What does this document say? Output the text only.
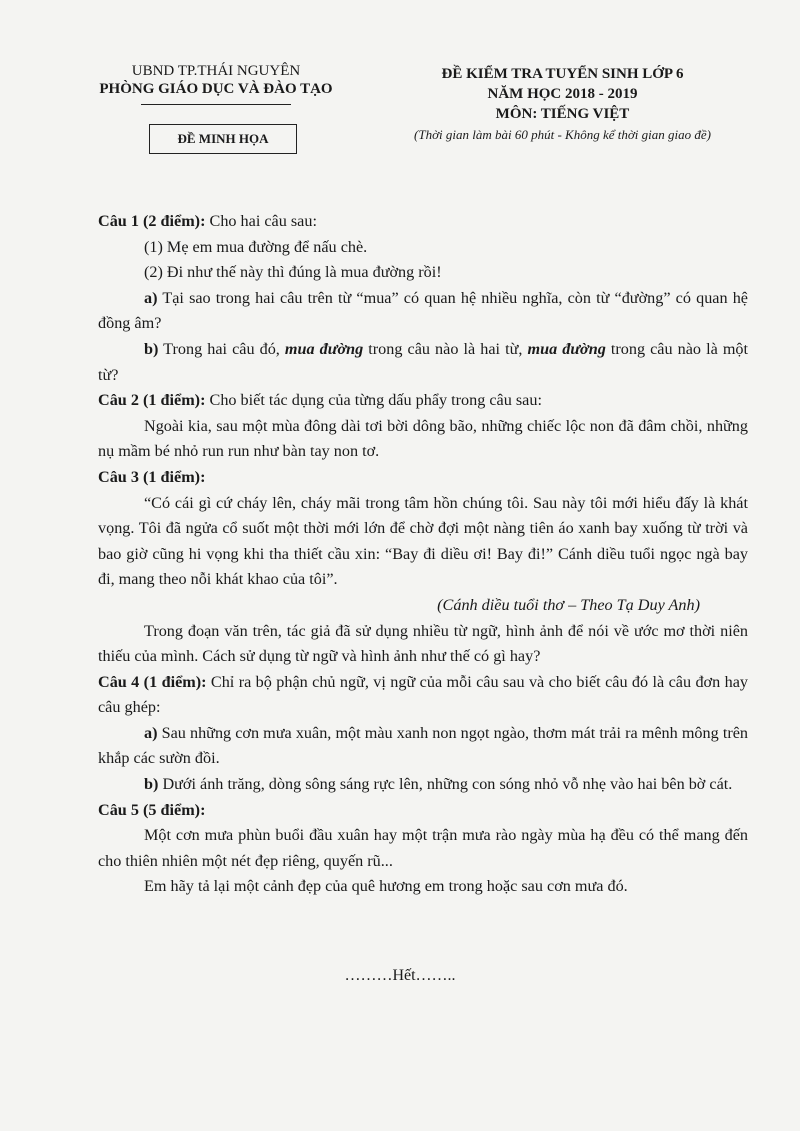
UBND TP.THÁI NGUYÊN
PHÒNG GIÁO DỤC VÀ ĐÀO TẠO
ĐỀ MINH HỌA
ĐỀ KIỂM TRA TUYỂN SINH LỚP 6
NĂM HỌC 2018 - 2019
MÔN: TIẾNG VIỆT
(Thời gian làm bài 60 phút - Không kể thời gian giao đề)

Câu 1 (2 điểm): Cho hai câu sau:

(1) Mẹ em mua đường để nấu chè.

(2) Đi như thế này thì đúng là mua đường rồi!

a) Tại sao trong hai câu trên từ “mua” có quan hệ nhiều nghĩa, còn từ “đường” có quan hệ đồng âm?

b) Trong hai câu đó, mua đường trong câu nào là hai từ, mua đường trong câu nào là một từ?

Câu 2 (1 điểm): Cho biết tác dụng của từng dấu phẩy trong câu sau:

Ngoài kia, sau một mùa đông dài tơi bời dông bão, những chiếc lộc non đã đâm chồi, những nụ mầm bé nhỏ run run như bàn tay non tơ.

Câu 3 (1 điểm):

“Có cái gì cứ cháy lên, cháy mãi trong tâm hồn chúng tôi. Sau này tôi mới hiểu đấy là khát vọng. Tôi đã ngửa cổ suốt một thời mới lớn để chờ đợi một nàng tiên áo xanh bay xuống từ trời và bao giờ cũng hi vọng khi tha thiết cầu xin: “Bay đi diều ơi! Bay đi!” Cánh diều tuổi ngọc ngà bay đi, mang theo nỗi khát khao của tôi”.

(Cánh diều tuổi thơ – Theo Tạ Duy Anh)

Trong đoạn văn trên, tác giả đã sử dụng nhiều từ ngữ, hình ảnh để nói về ước mơ thời niên thiếu của mình. Cách sử dụng từ ngữ và hình ảnh như thế có gì hay?

Câu 4 (1 điểm): Chỉ ra bộ phận chủ ngữ, vị ngữ của mỗi câu sau và cho biết câu đó là câu đơn hay câu ghép:

a) Sau những cơn mưa xuân, một màu xanh non ngọt ngào, thơm mát trải ra mênh mông trên khắp các sườn đồi.

b) Dưới ánh trăng, dòng sông sáng rực lên, những con sóng nhỏ vỗ nhẹ vào hai bên bờ cát.

Câu 5 (5 điểm):

Một cơn mưa phùn buổi đầu xuân hay một trận mưa rào ngày mùa hạ đều có thể mang đến cho thiên nhiên một nét đẹp riêng, quyến rũ...

Em hãy tả lại một cảnh đẹp của quê hương em trong hoặc sau cơn mưa đó.

………Hết……..
